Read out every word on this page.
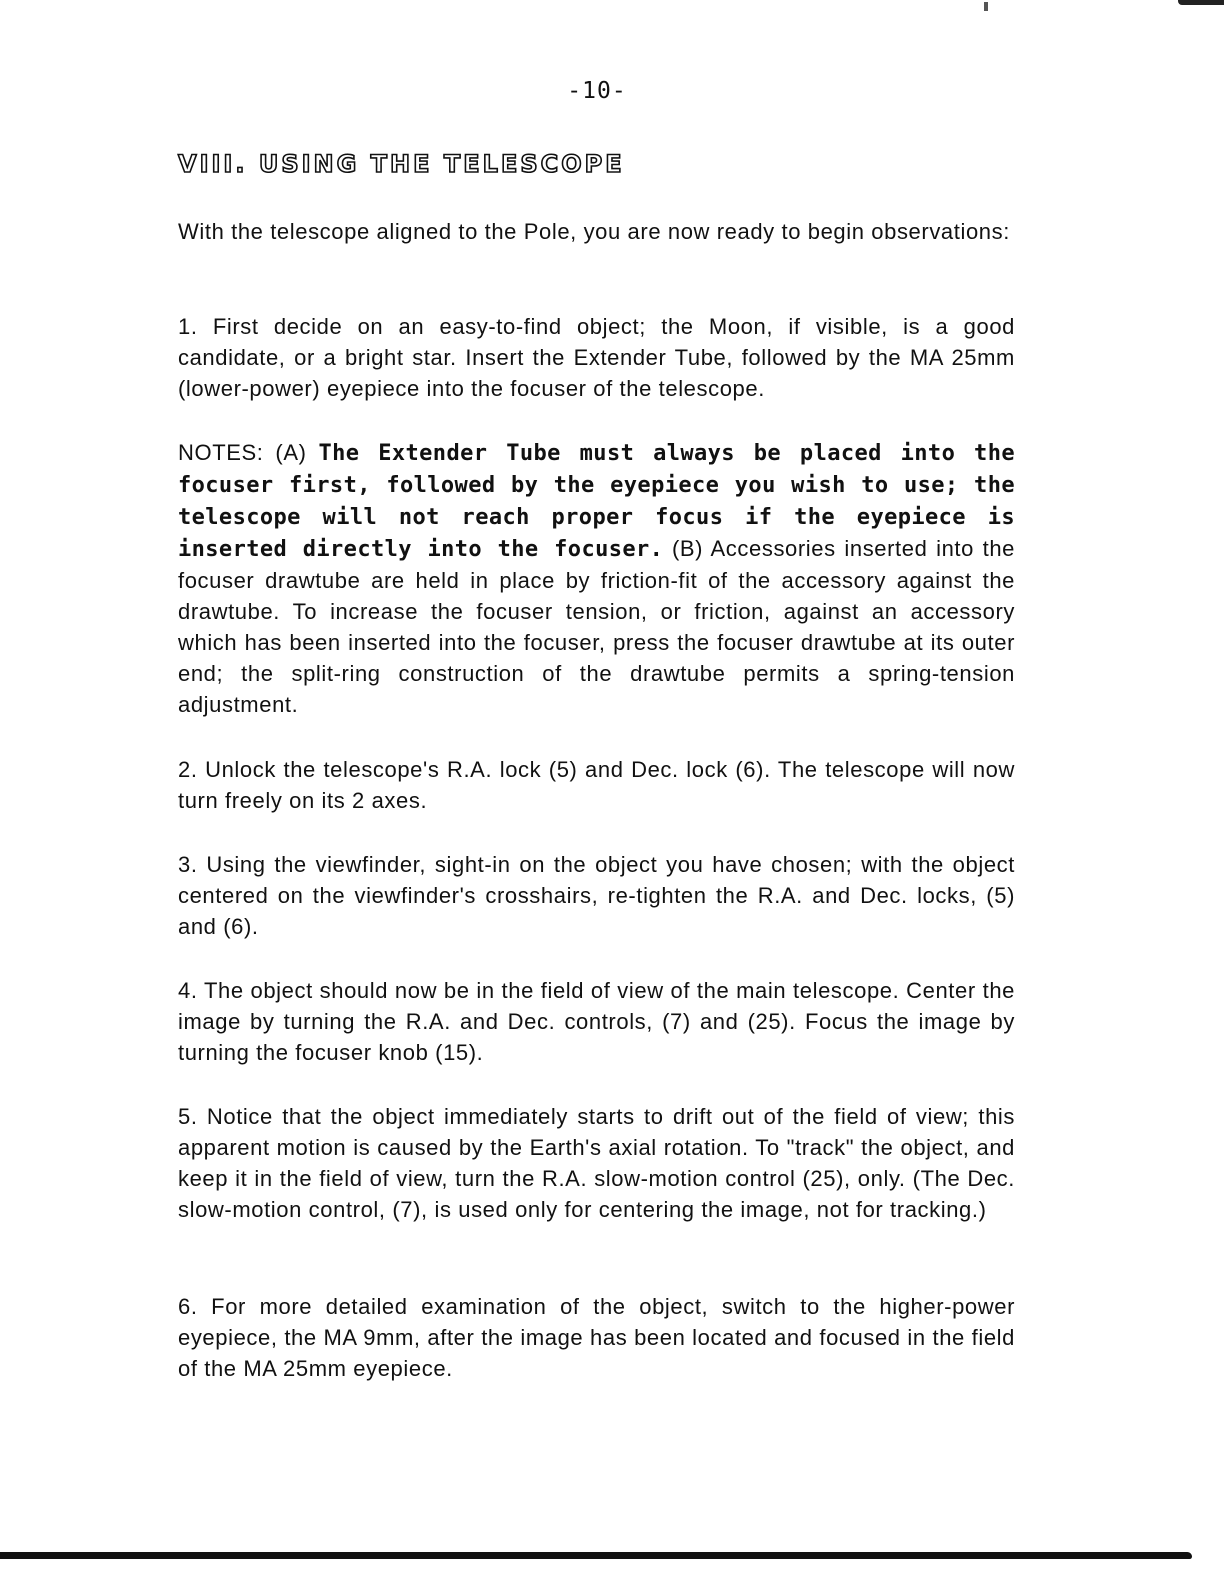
-10-
VIII. USING THE TELESCOPE

With the telescope aligned to the Pole, you are now ready to begin observations:

1. First decide on an easy-to-find object; the Moon, if visible, is a good candidate, or a bright star. Insert the Extender Tube, followed by the MA 25mm (lower-power) eyepiece into the focuser of the telescope.

NOTES: (A) The Extender Tube must always be placed into the focuser first, followed by the eyepiece you wish to use; the telescope will not reach proper focus if the eyepiece is inserted directly into the focuser. (B) Accessories inserted into the focuser drawtube are held in place by friction-fit of the accessory against the drawtube. To increase the focuser tension, or friction, against an accessory which has been inserted into the focuser, press the focuser drawtube at its outer end; the split-ring construction of the drawtube permits a spring-tension adjustment.

2. Unlock the telescope's R.A. lock (5) and Dec. lock (6). The telescope will now turn freely on its 2 axes.

3. Using the viewfinder, sight-in on the object you have chosen; with the object centered on the viewfinder's crosshairs, re-tighten the R.A. and Dec. locks, (5) and (6).

4. The object should now be in the field of view of the main telescope. Center the image by turning the R.A. and Dec. controls, (7) and (25). Focus the image by turning the focuser knob (15).

5. Notice that the object immediately starts to drift out of the field of view; this apparent motion is caused by the Earth's axial rotation. To "track" the object, and keep it in the field of view, turn the R.A. slow-motion control (25), only. (The Dec. slow-motion control, (7), is used only for centering the image, not for tracking.)

6. For more detailed examination of the object, switch to the higher-power eyepiece, the MA 9mm, after the image has been located and focused in the field of the MA 25mm eyepiece.
